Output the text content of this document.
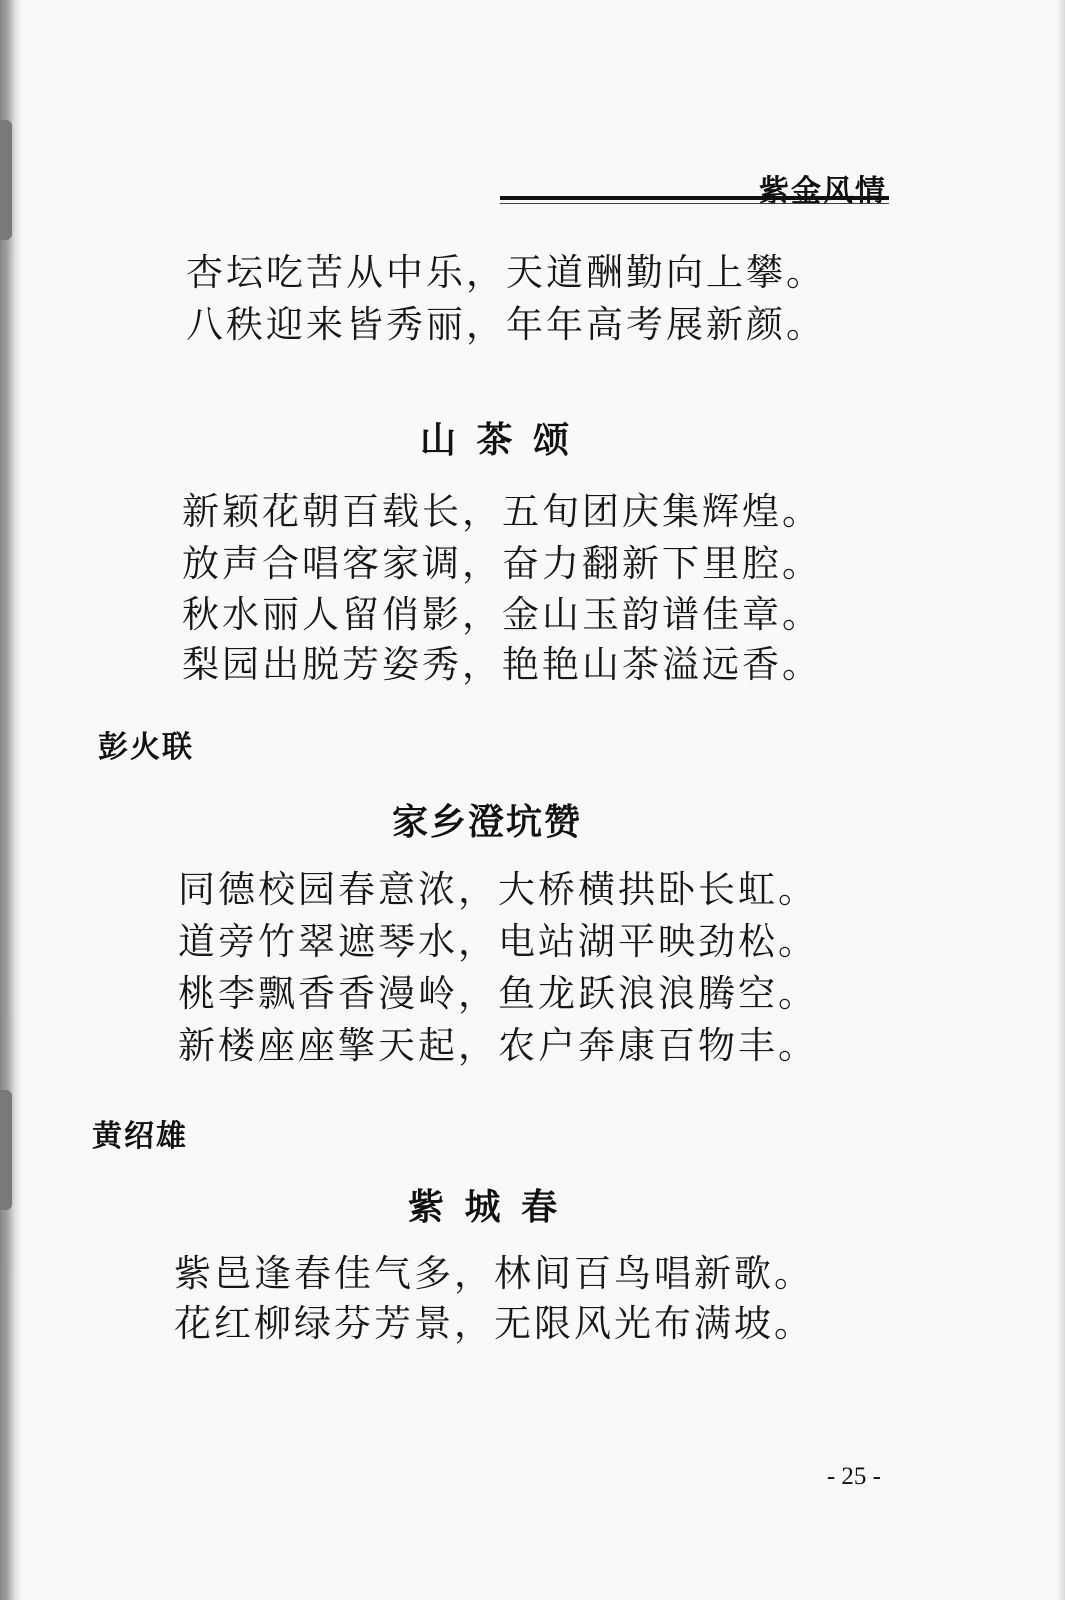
紫金风情
杏坛吃苦从中乐，天道酬勤向上攀。
八秩迎来皆秀丽，年年高考展新颜。
山 茶 颂
新颖花朝百载长，五旬团庆集辉煌。
放声合唱客家调，奋力翻新下里腔。
秋水丽人留俏影，金山玉韵谱佳章。
梨园出脱芳姿秀，艳艳山茶溢远香。
彭火联
家乡澄坑赞
同德校园春意浓，大桥横拱卧长虹。
道旁竹翠遮琴水，电站湖平映劲松。
桃李飘香香漫岭，鱼龙跃浪浪腾空。
新楼座座擎天起，农户奔康百物丰。
黄绍雄
紫 城 春
紫邑逢春佳气多，林间百鸟唱新歌。
花红柳绿芬芳景，无限风光布满坡。
- 25 -
